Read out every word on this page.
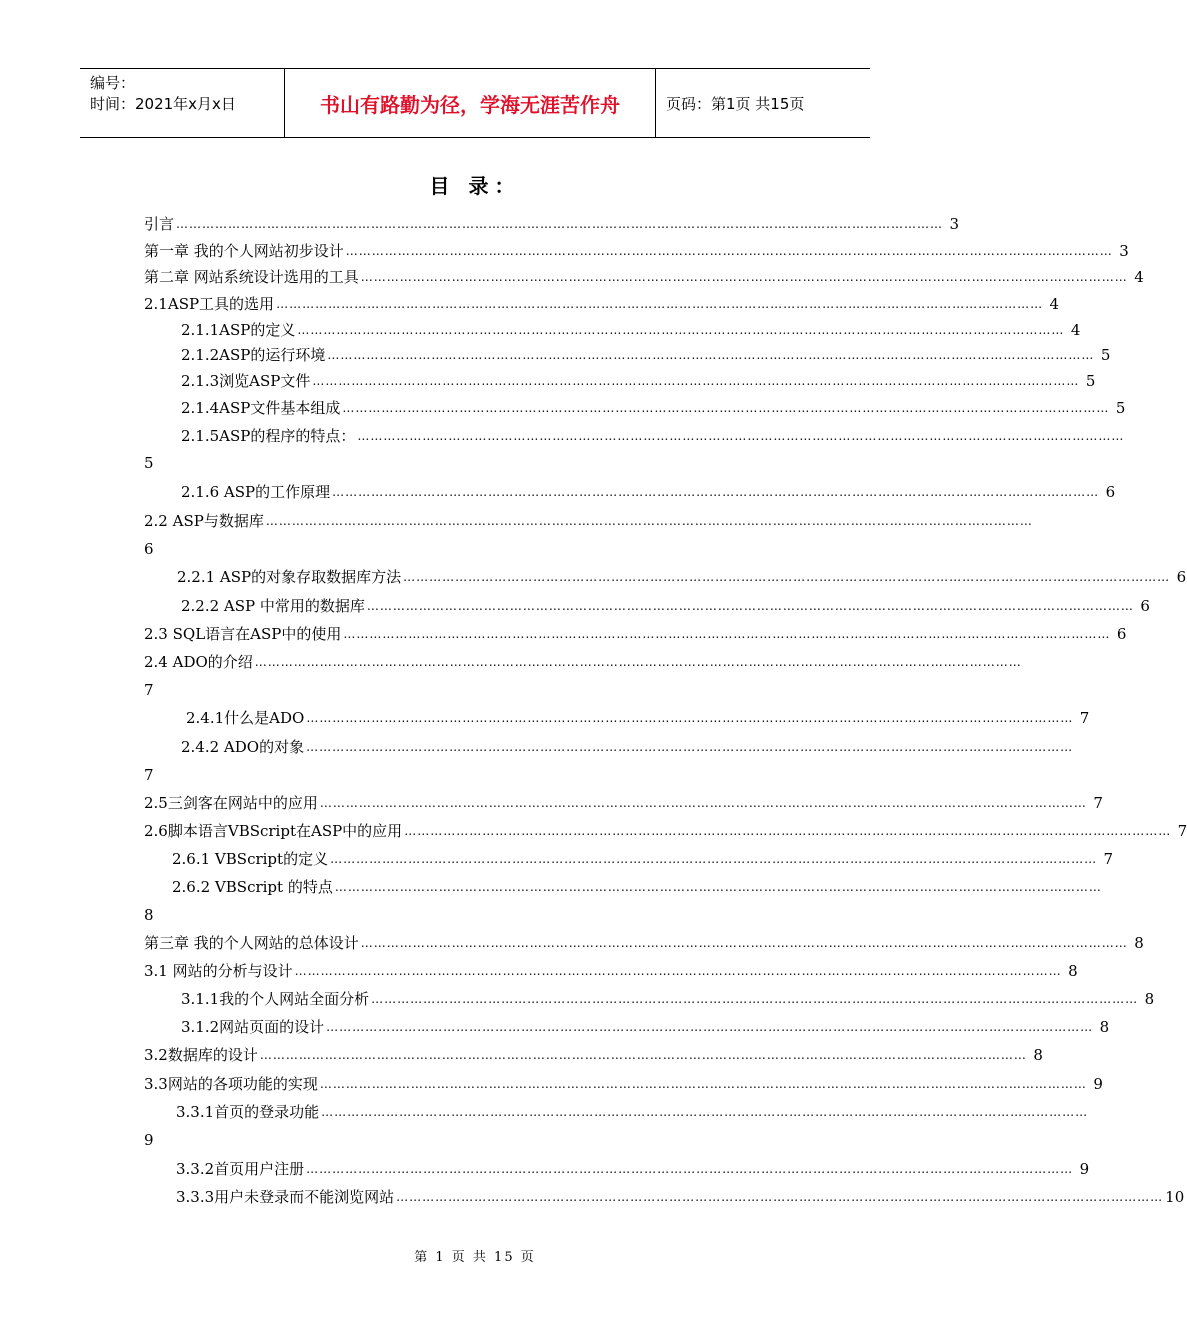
编号：
时间：2021年x月x日	书山有路勤为径，学海无涯苦作舟	页码：第1页 共15页
目 录：
引言 …………………………………………………………………………………………………………………………………………………………… 3
第一章 我的个人网站初步设计 …………………………………………………………………………………………………………………………………………………………… 3
第二章 网站系统设计选用的工具 …………………………………………………………………………………………………………………………………………………………… 4
2.1ASP工具的选用 …………………………………………………………………………………………………………………………………………………………… 4
2.1.1ASP的定义 …………………………………………………………………………………………………………………………………………………………… 4
2.1.2ASP的运行环境 …………………………………………………………………………………………………………………………………………………………… 5
2.1.3浏览ASP文件 …………………………………………………………………………………………………………………………………………………………… 5
2.1.4ASP文件基本组成 …………………………………………………………………………………………………………………………………………………………… 5
2.1.5ASP的程序的特点： ……………………………………………………………………………………………………………………………………………………………
5
2.1.6 ASP的工作原理 …………………………………………………………………………………………………………………………………………………………… 6
2.2 ASP与数据库 ……………………………………………………………………………………………………………………………………………………………
6
2.2.1 ASP的对象存取数据库方法 …………………………………………………………………………………………………………………………………………………………… 6
2.2.2 ASP 中常用的数据库 …………………………………………………………………………………………………………………………………………………………… 6
2.3 SQL语言在ASP中的使用 …………………………………………………………………………………………………………………………………………………………… 6
2.4 ADO的介绍 ……………………………………………………………………………………………………………………………………………………………
7
2.4.1什么是ADO …………………………………………………………………………………………………………………………………………………………… 7
2.4.2 ADO的对象 ……………………………………………………………………………………………………………………………………………………………
7
2.5三剑客在网站中的应用 …………………………………………………………………………………………………………………………………………………………… 7
2.6脚本语言VBScript在ASP中的应用 …………………………………………………………………………………………………………………………………………………………… 7
2.6.1 VBScript的定义 …………………………………………………………………………………………………………………………………………………………… 7
2.6.2 VBScript 的特点 ……………………………………………………………………………………………………………………………………………………………
8
第三章 我的个人网站的总体设计 …………………………………………………………………………………………………………………………………………………………… 8
3.1 网站的分析与设计 …………………………………………………………………………………………………………………………………………………………… 8
3.1.1我的个人网站全面分析 …………………………………………………………………………………………………………………………………………………………… 8
3.1.2网站页面的设计 …………………………………………………………………………………………………………………………………………………………… 8
3.2数据库的设计 …………………………………………………………………………………………………………………………………………………………… 8
3.3网站的各项功能的实现 …………………………………………………………………………………………………………………………………………………………… 9
3.3.1首页的登录功能 ……………………………………………………………………………………………………………………………………………………………
9
3.3.2首页用户注册 …………………………………………………………………………………………………………………………………………………………… 9
3.3.3用户未登录而不能浏览网站 …………………………………………………………………………………………………………………………………………………………… 10
第 1 页 共 15 页
